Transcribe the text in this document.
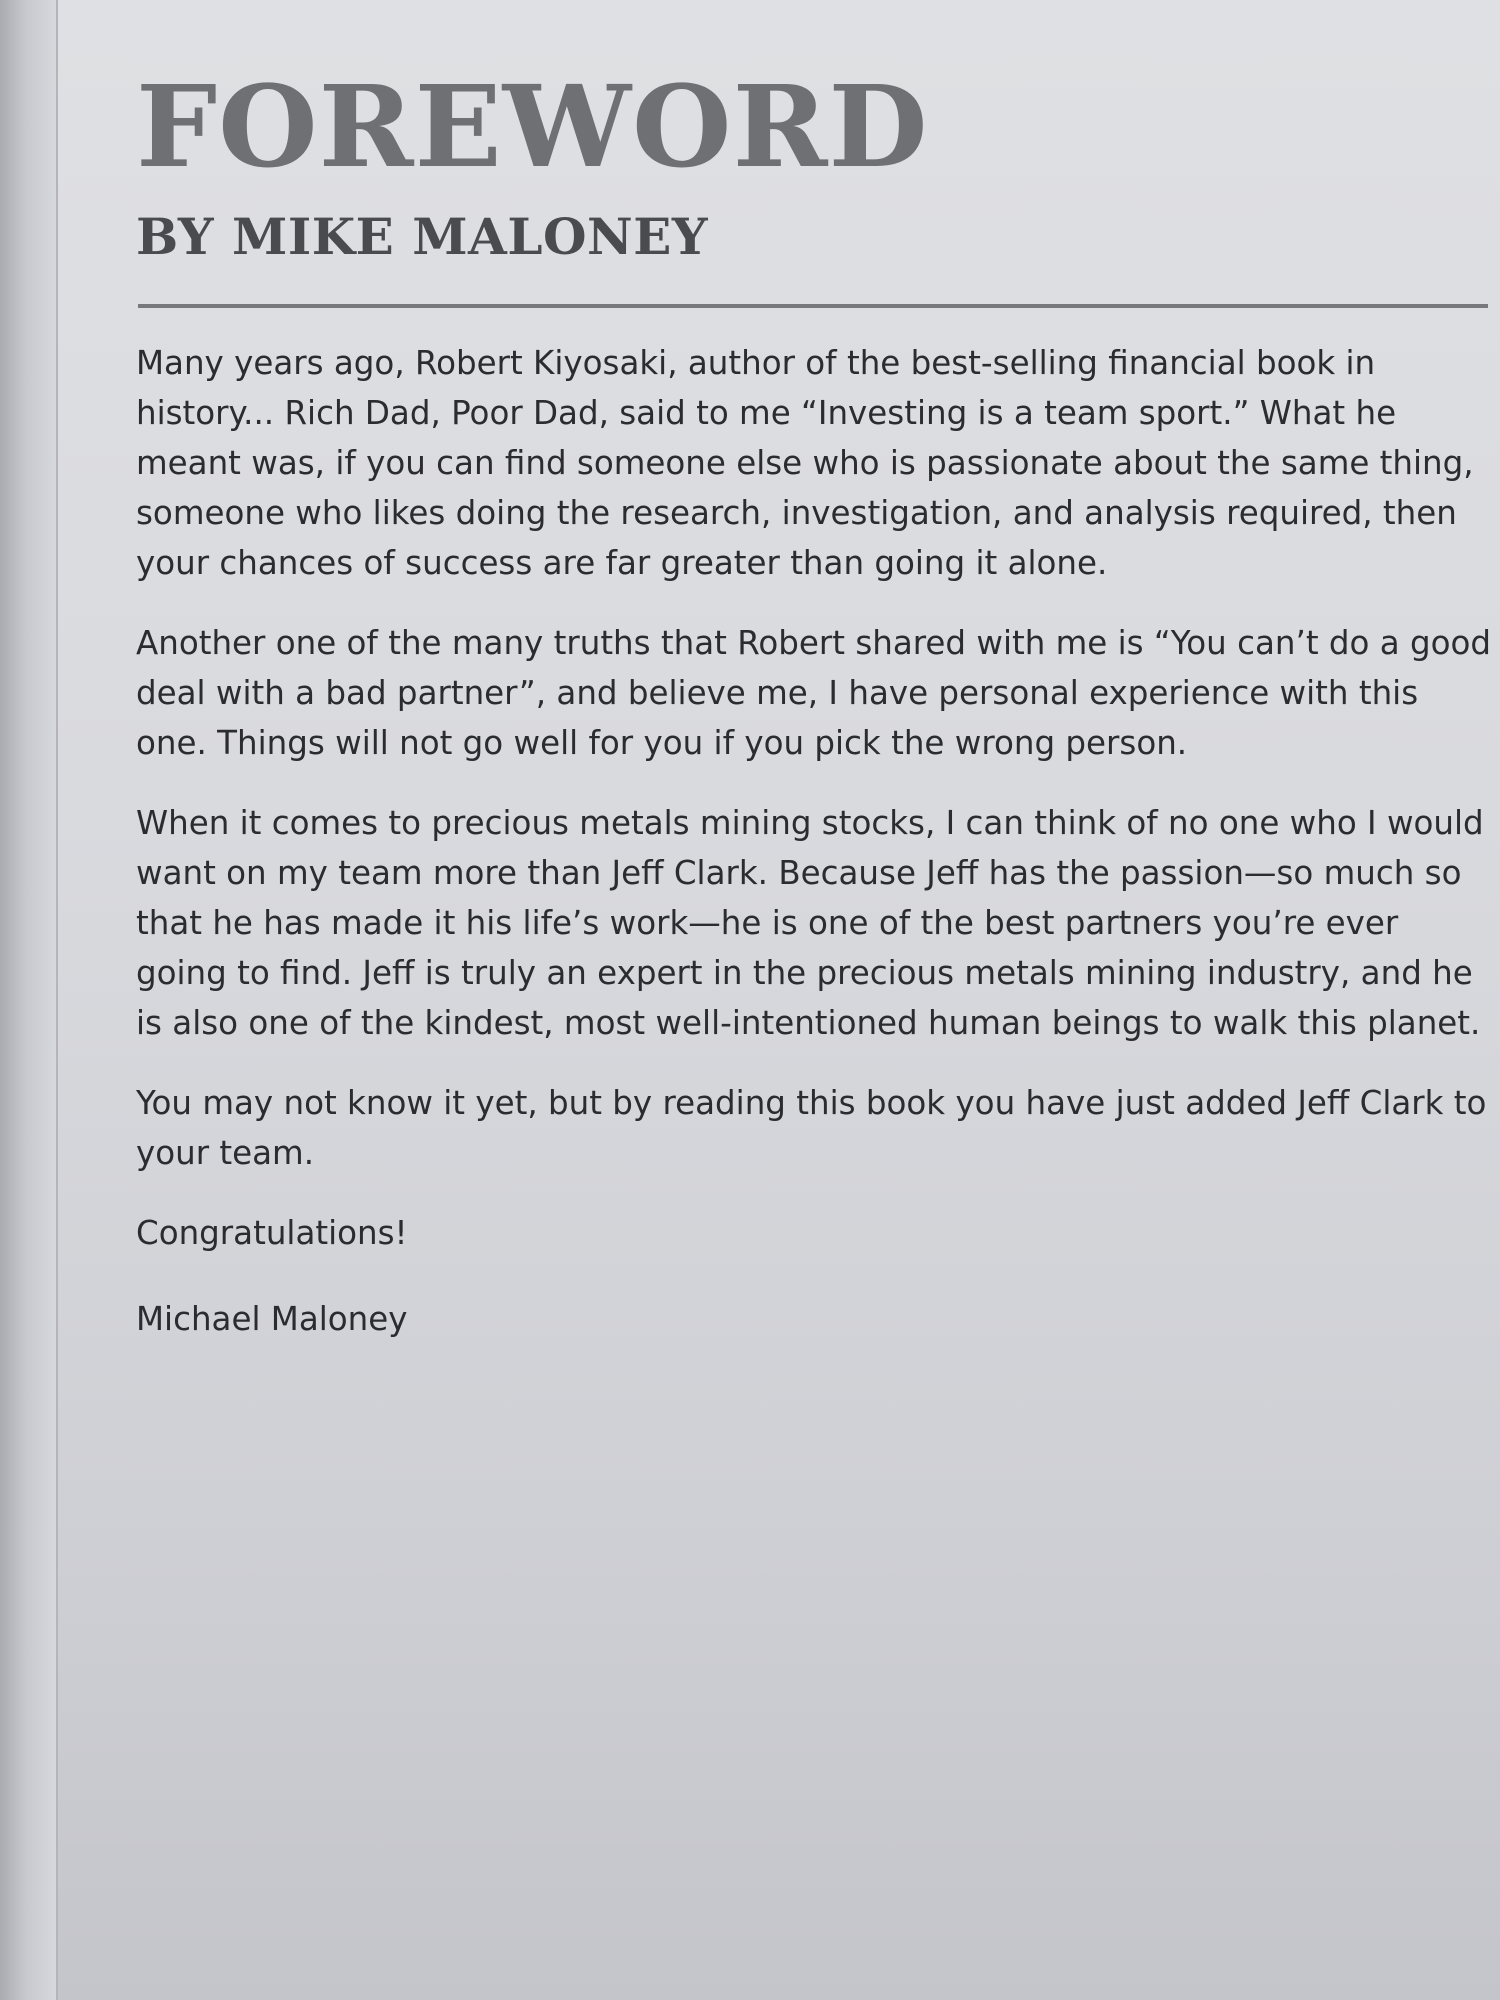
FOREWORD
BY MIKE MALONEY

Many years ago, Robert Kiyosaki, author of the best-selling financial book in history... Rich Dad, Poor Dad, said to me “Investing is a team sport.” What he meant was, if you can find someone else who is passionate about the same thing, someone who likes doing the research, investigation, and analysis required, then your chances of success are far greater than going it alone.

Another one of the many truths that Robert shared with me is “You can’t do a good deal with a bad partner”, and believe me, I have personal experience with this one. Things will not go well for you if you pick the wrong person.

When it comes to precious metals mining stocks, I can think of no one who I would want on my team more than Jeff Clark. Because Jeff has the passion—so much so that he has made it his life’s work—he is one of the best partners you’re ever going to find. Jeff is truly an expert in the precious metals mining industry, and he is also one of the kindest, most well-intentioned human beings to walk this planet.

You may not know it yet, but by reading this book you have just added Jeff Clark to your team.

Congratulations!

Michael Maloney
